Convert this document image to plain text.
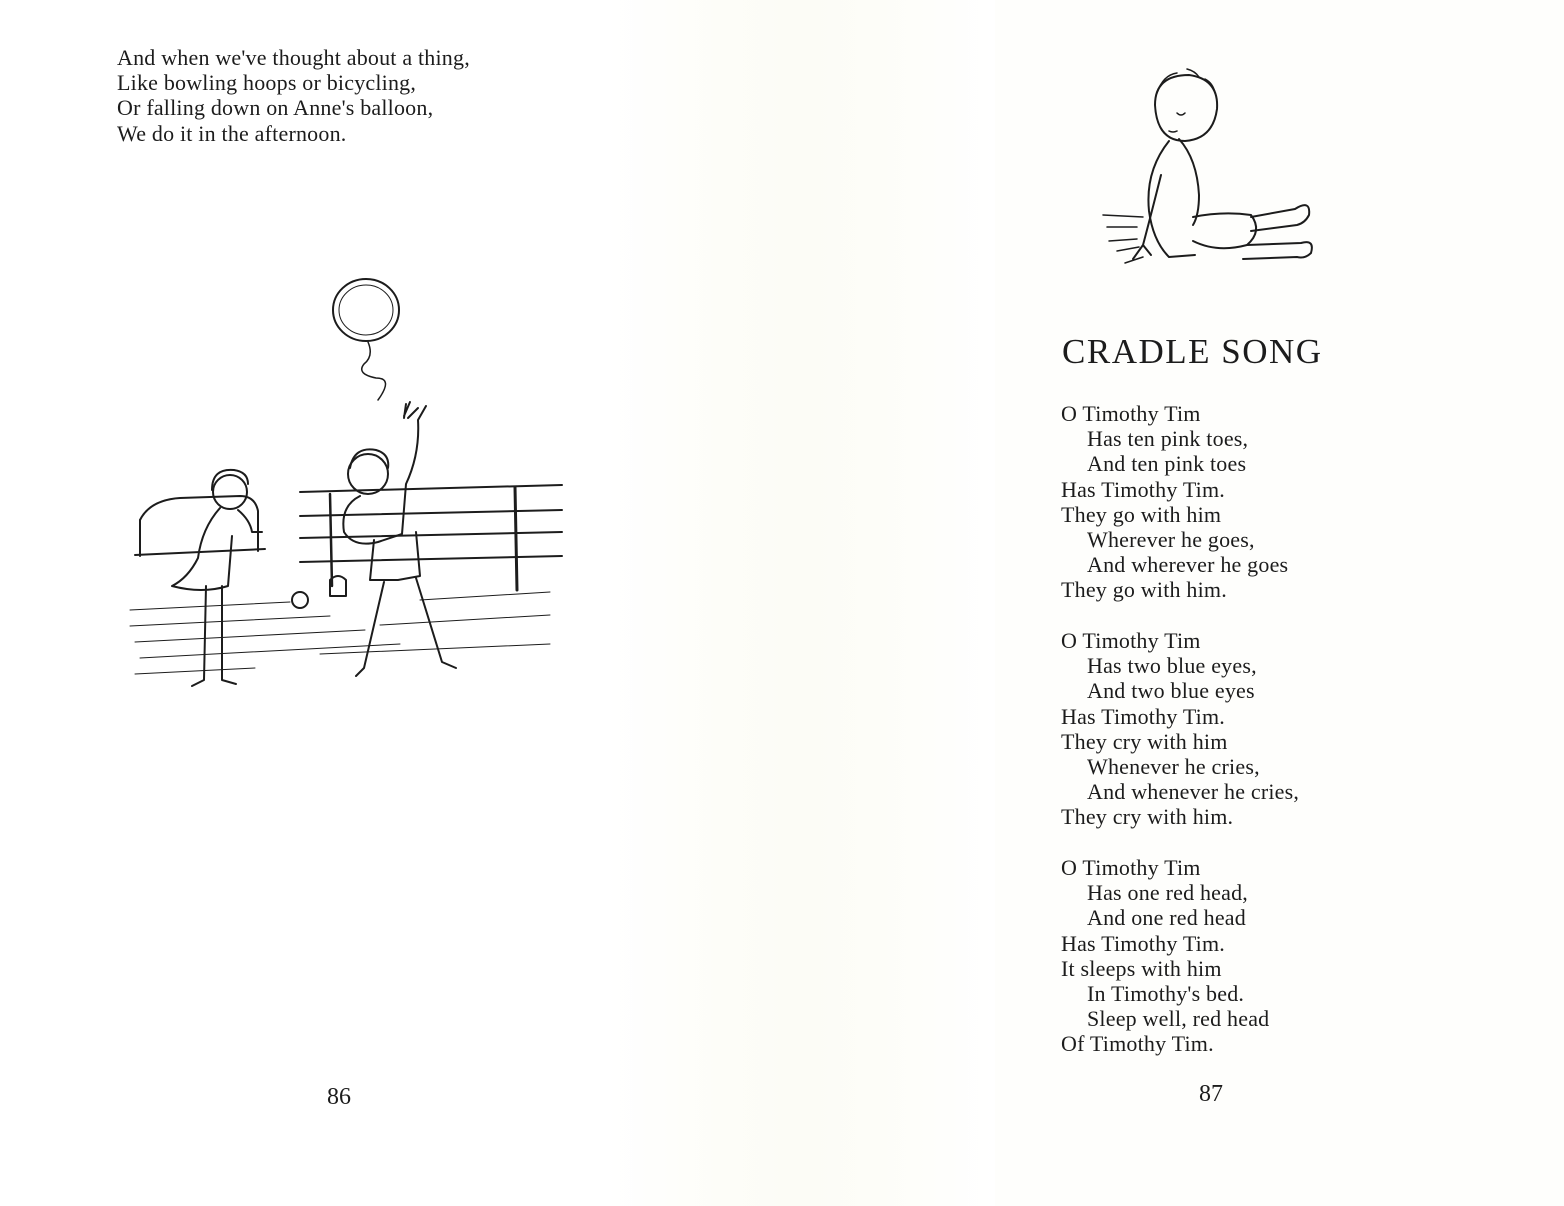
And when we've thought about a thing,
Like bowling hoops or bicycling,
Or falling down on Anne's balloon,
We do it in the afternoon.

86

CRADLE SONG
O Timothy Tim
Has ten pink toes,
And ten pink toes
Has Timothy Tim.
They go with him
Wherever he goes,
And wherever he goes
They go with him.
O Timothy Tim
Has two blue eyes,
And two blue eyes
Has Timothy Tim.
They cry with him
Whenever he cries,
And whenever he cries,
They cry with him.
O Timothy Tim
Has one red head,
And one red head
Has Timothy Tim.
It sleeps with him
In Timothy's bed.
Sleep well, red head
Of Timothy Tim.

87
